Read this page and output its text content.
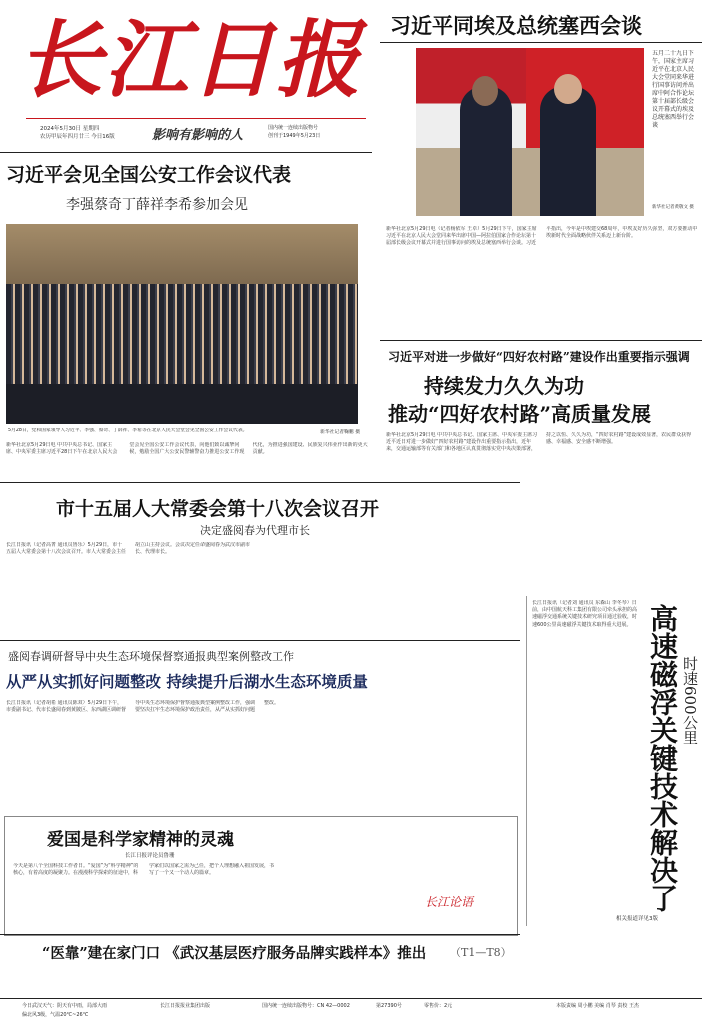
长江日报
2024年5月30日 星期四
农历甲辰年四月廿三 今日16版	影响有影响的人	国内统一连续出版物号
创刊于1949年5月23日
习近平同埃及总统塞西会谈
五月二十九日下午，国家主席习近平在北京人民大会堂同来华进行国事访问并出席中阿合作论坛第十届部长级会议开幕式的埃及总统塞西举行会谈
新华社记者黄敬文 摄
新华社北京5月29日电（记者杨依军 王卓）5月29日下午，国家主席习近平在北京人民大会堂同来华出席中国—阿拉伯国家合作论坛第十届部长级会议开幕式并进行国事访问的埃及总统塞西举行会谈。习近平指出，今年是中埃建交68周年，中埃友好历久弥坚，双方要推动中埃新时代全面战略伙伴关系迈上新台阶。
习近平会见全国公安工作会议代表
李强蔡奇丁薛祥李希参加会见
5月28日，党和国家领导人习近平、李强、蔡奇、丁薛祥、李希等在北京人民大会堂会见全国公安工作会议代表。	新华社记者鞠鹏 摄
新华社北京5月29日电 中共中央总书记、国家主席、中央军委主席习近平28日下午在北京人民大会堂会见全国公安工作会议代表，向他们致以诚挚问候，勉励全国广大公安民警辅警奋力推进公安工作现代化，为推进强国建设、民族复兴伟业作出新的更大贡献。
习近平对进一步做好“四好农村路”建设作出重要指示强调
持续发力久久为功
推动“四好农村路”高质量发展
新华社北京5月29日电 中共中央总书记、国家主席、中央军委主席习近平近日对进一步做好“四好农村路”建设作出重要指示指出，近年来，交通运输部等有关部门和各地区认真贯彻落实党中央决策部署，持之以恒、久久为功，“四好农村路”建设成效显著，农民群众获得感、幸福感、安全感不断增强。
市十五届人大常委会第十八次会议召开
决定盛阅春为代理市长
长江日报讯（记者高菁 通讯员鲁乐）5月29日，市十五届人大常委会第十八次会议召开。市人大常委会主任胡立山主持会议。会议决定任命盛阅春为武汉市副市长、代理市长。
盛阅春调研督导中央生态环境保督察通报典型案例整改工作
从严从实抓好问题整改 持续提升后湖水生态环境质量
长江日报讯（记者胡希 通讯员陈双）5月29日下午，市委副书记、代市长盛阅春到黄陂区、东西湖区调研督导中央生态环境保护督察通报典型案例整改工作，强调要坚决扛牢生态环境保护政治责任，从严从实抓好问题整改。
爱国是科学家精神的灵魂
长江日报评论员鲁珊
今天是第八个全国科技工作者日。“爱国”为“科学精神”的核心，有着高度的凝聚力。在漫漫科学探索的征途中，科学家们以国家之需为己任，把个人理想融入祖国发展，书写了一个又一个动人的篇章。
长江论语
长江日报讯（记者刘 通讯员 东森山 李冬琴）日前，由中国航天科工集团有限公司牵头承担的高速磁浮交通系统关键技术研究项目通过验收，时速600公里高速磁浮关键技术取得重大进展。 高速磁浮关键技术解决了 时速600公里
相关报道详见3版
“医靠”建在家门口 《武汉基层医疗服务品牌实践样本》推出 （T1—T8）
今日武汉天气：阴天有中雨，局部大雨
偏北风3级，气温20℃~26℃
长江日报报业集团出版	国内统一连续出版物号：CN 42—0002	第27390号	零售价：2元	本版责编 周小鹏 美编 肖琴 责校 王杰
